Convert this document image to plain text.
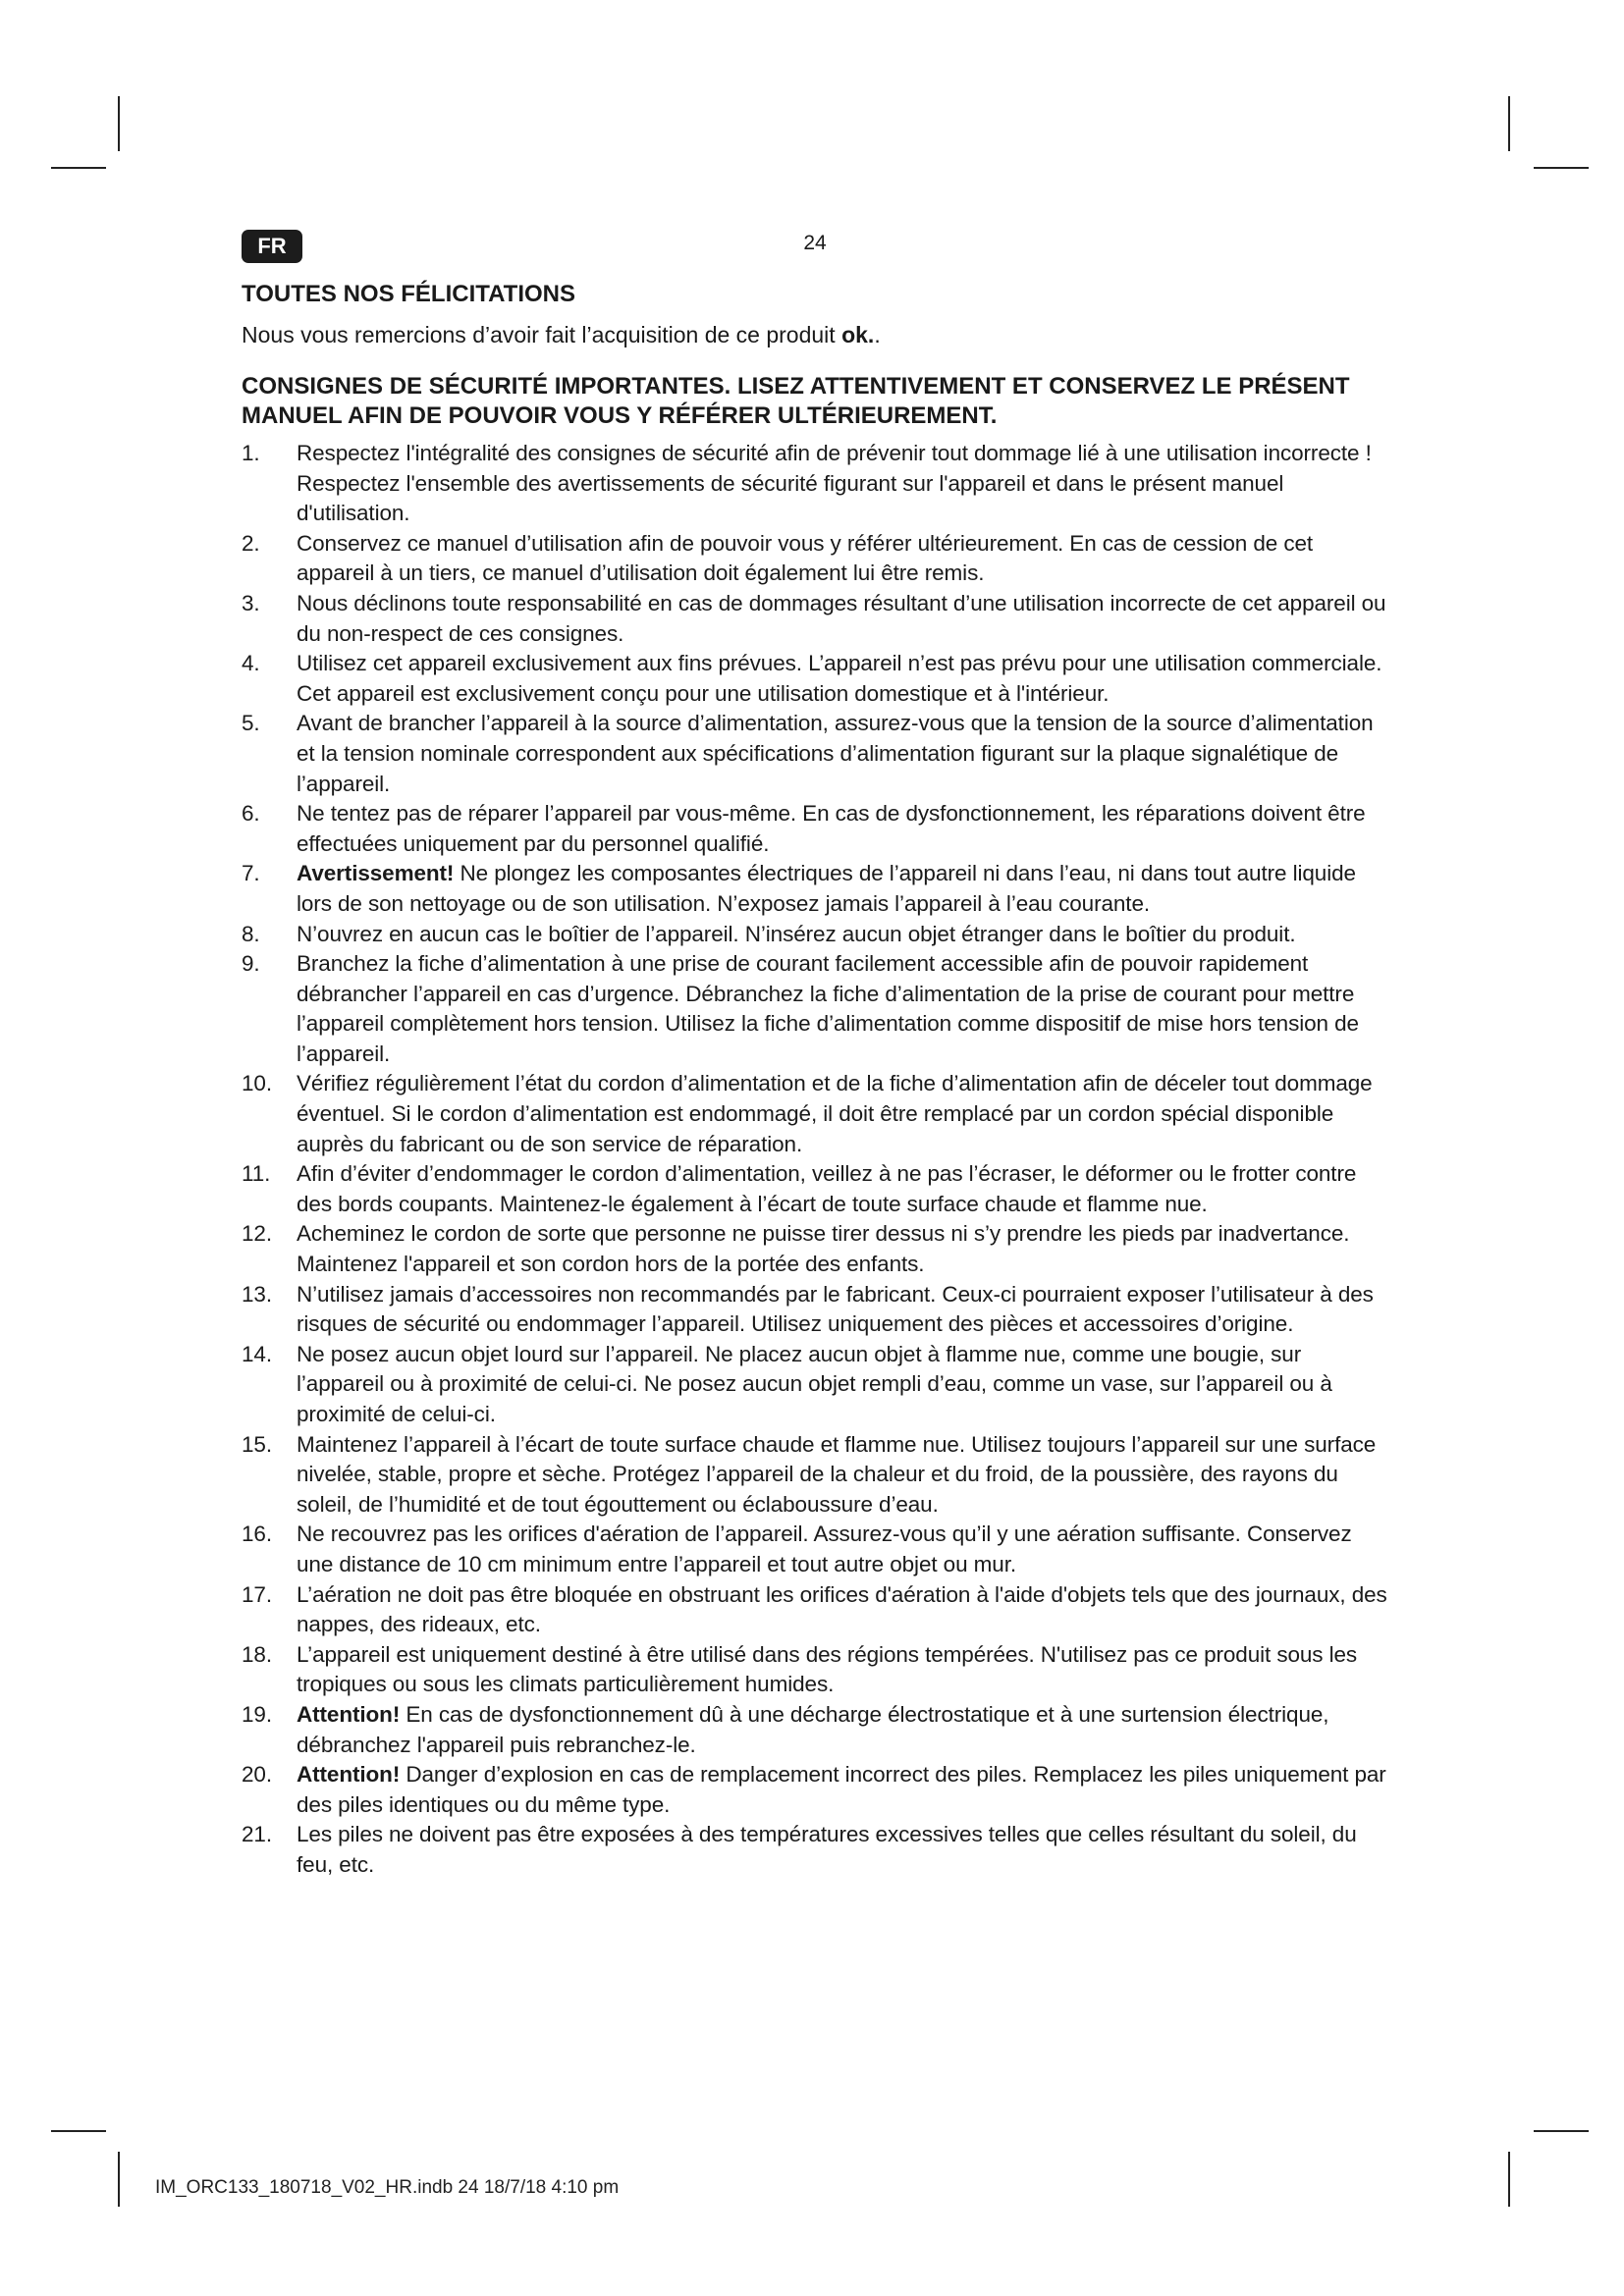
FR	24
TOUTES NOS FÉLICITATIONS

Nous vous remercions d’avoir fait l’acquisition de ce produit ok..

CONSIGNES DE SÉCURITÉ IMPORTANTES. LISEZ ATTENTIVEMENT ET CONSERVEZ LE PRÉSENT MANUEL AFIN DE POUVOIR VOUS Y RÉFÉRER ULTÉRIEUREMENT.
1. Respectez l'intégralité des consignes de sécurité afin de prévenir tout dommage lié à une utilisation incorrecte ! Respectez l'ensemble des avertissements de sécurité figurant sur l'appareil et dans le présent manuel d'utilisation.
2. Conservez ce manuel d’utilisation afin de pouvoir vous y référer ultérieurement. En cas de cession de cet appareil à un tiers, ce manuel d’utilisation doit également lui être remis.
3. Nous déclinons toute responsabilité en cas de dommages résultant d’une utilisation incorrecte de cet appareil ou du non-respect de ces consignes.
4. Utilisez cet appareil exclusivement aux fins prévues. L’appareil n’est pas prévu pour une utilisation commerciale. Cet appareil est exclusivement conçu pour une utilisation domestique et à l'intérieur.
5. Avant de brancher l’appareil à la source d’alimentation, assurez-vous que la tension de la source d’alimentation et la tension nominale correspondent aux spécifications d’alimentation figurant sur la plaque signalétique de l’appareil.
6. Ne tentez pas de réparer l’appareil par vous-même. En cas de dysfonctionnement, les réparations doivent être effectuées uniquement par du personnel qualifié.
7. Avertissement! Ne plongez les composantes électriques de l’appareil ni dans l’eau, ni dans tout autre liquide lors de son nettoyage ou de son utilisation. N’exposez jamais l’appareil à l’eau courante.
8. N’ouvrez en aucun cas le boîtier de l’appareil. N’insérez aucun objet étranger dans le boîtier du produit.
9. Branchez la fiche d’alimentation à une prise de courant facilement accessible afin de pouvoir rapidement débrancher l’appareil en cas d’urgence. Débranchez la fiche d’alimentation de la prise de courant pour mettre l’appareil complètement hors tension. Utilisez la fiche d’alimentation comme dispositif de mise hors tension de l’appareil.
10. Vérifiez régulièrement l’état du cordon d’alimentation et de la fiche d’alimentation afin de déceler tout dommage éventuel. Si le cordon d’alimentation est endommagé, il doit être remplacé par un cordon spécial disponible auprès du fabricant ou de son service de réparation.
11. Afin d’éviter d’endommager le cordon d’alimentation, veillez à ne pas l’écraser, le déformer ou le frotter contre des bords coupants. Maintenez-le également à l’écart de toute surface chaude et flamme nue.
12. Acheminez le cordon de sorte que personne ne puisse tirer dessus ni s’y prendre les pieds par inadvertance. Maintenez l'appareil et son cordon hors de la portée des enfants.
13. N’utilisez jamais d’accessoires non recommandés par le fabricant. Ceux-ci pourraient exposer l’utilisateur à des risques de sécurité ou endommager l’appareil. Utilisez uniquement des pièces et accessoires d’origine.
14. Ne posez aucun objet lourd sur l’appareil. Ne placez aucun objet à flamme nue, comme une bougie, sur l’appareil ou à proximité de celui-ci. Ne posez aucun objet rempli d’eau, comme un vase, sur l’appareil ou à proximité de celui-ci.
15. Maintenez l’appareil à l’écart de toute surface chaude et flamme nue. Utilisez toujours l’appareil sur une surface nivelée, stable, propre et sèche. Protégez l’appareil de la chaleur et du froid, de la poussière, des rayons du soleil, de l’humidité et de tout égouttement ou éclaboussure d’eau.
16. Ne recouvrez pas les orifices d'aération de l’appareil. Assurez-vous qu’il y une aération suffisante. Conservez une distance de 10 cm minimum entre l’appareil et tout autre objet ou mur.
17. L’aération ne doit pas être bloquée en obstruant les orifices d'aération à l'aide d'objets tels que des journaux, des nappes, des rideaux, etc.
18. L’appareil est uniquement destiné à être utilisé dans des régions tempérées. N'utilisez pas ce produit sous les tropiques ou sous les climats particulièrement humides.
19. Attention! En cas de dysfonctionnement dû à une décharge électrostatique et à une surtension électrique, débranchez l'appareil puis rebranchez-le.
20. Attention! Danger d’explosion en cas de remplacement incorrect des piles. Remplacez les piles uniquement par des piles identiques ou du même type.
21. Les piles ne doivent pas être exposées à des températures excessives telles que celles résultant du soleil, du feu, etc.
IM_ORC133_180718_V02_HR.indb 24 18/7/18 4:10 pm
